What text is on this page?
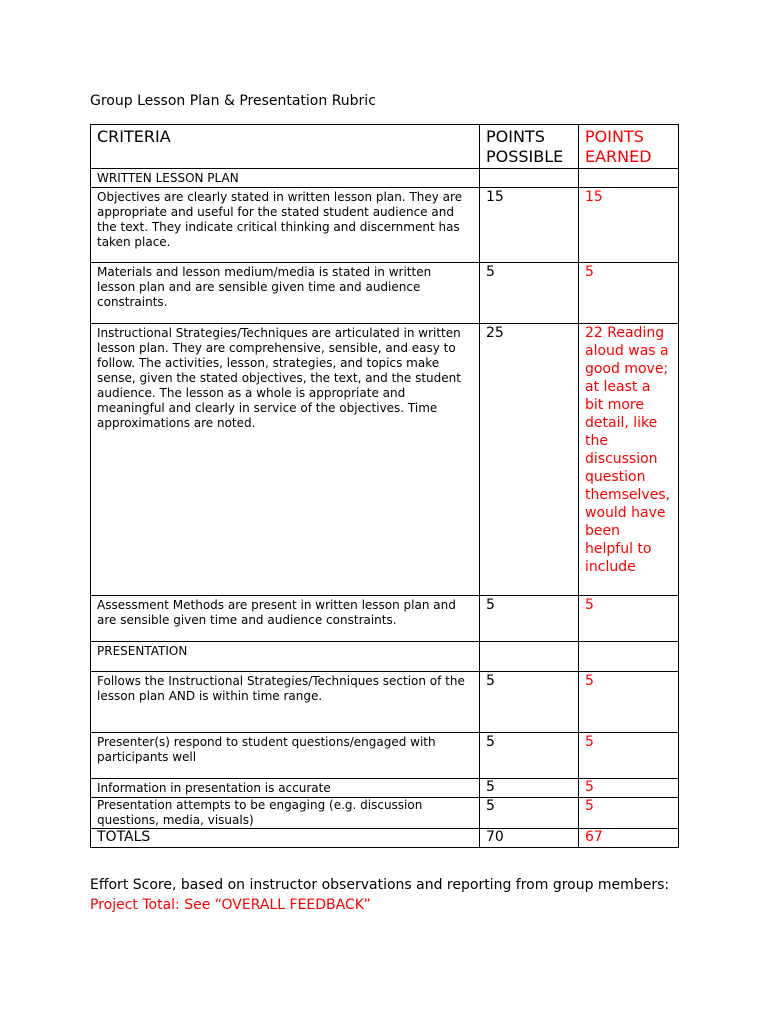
Group Lesson Plan & Presentation Rubric
CRITERIA	POINTS POSSIBLE	POINTS EARNED
WRITTEN LESSON PLAN		
Objectives are clearly stated in written lesson plan. They are appropriate and useful for the stated student audience and the text. They indicate critical thinking and discernment has taken place.	15	15
Materials and lesson medium/media is stated in written lesson plan and are sensible given time and audience constraints.	5	5
Instructional Strategies/Techniques are articulated in written lesson plan. They are comprehensive, sensible, and easy to follow. The activities, lesson, strategies, and topics make sense, given the stated objectives, the text, and the student audience. The lesson as a whole is appropriate and meaningful and clearly in service of the objectives. Time approximations are noted.	25	22 Reading aloud was a good move; at least a bit more detail, like the discussion question themselves, would have been helpful to include
Assessment Methods are present in written lesson plan and are sensible given time and audience constraints.	5	5
PRESENTATION		
Follows the Instructional Strategies/Techniques section of the lesson plan AND is within time range.	5	5
Presenter(s) respond to student questions/engaged with participants well	5	5
Information in presentation is accurate	5	5
Presentation attempts to be engaging (e.g. discussion questions, media, visuals)	5	5
TOTALS	70	67
Effort Score, based on instructor observations and reporting from group members:
Project Total: See “OVERALL FEEDBACK”
